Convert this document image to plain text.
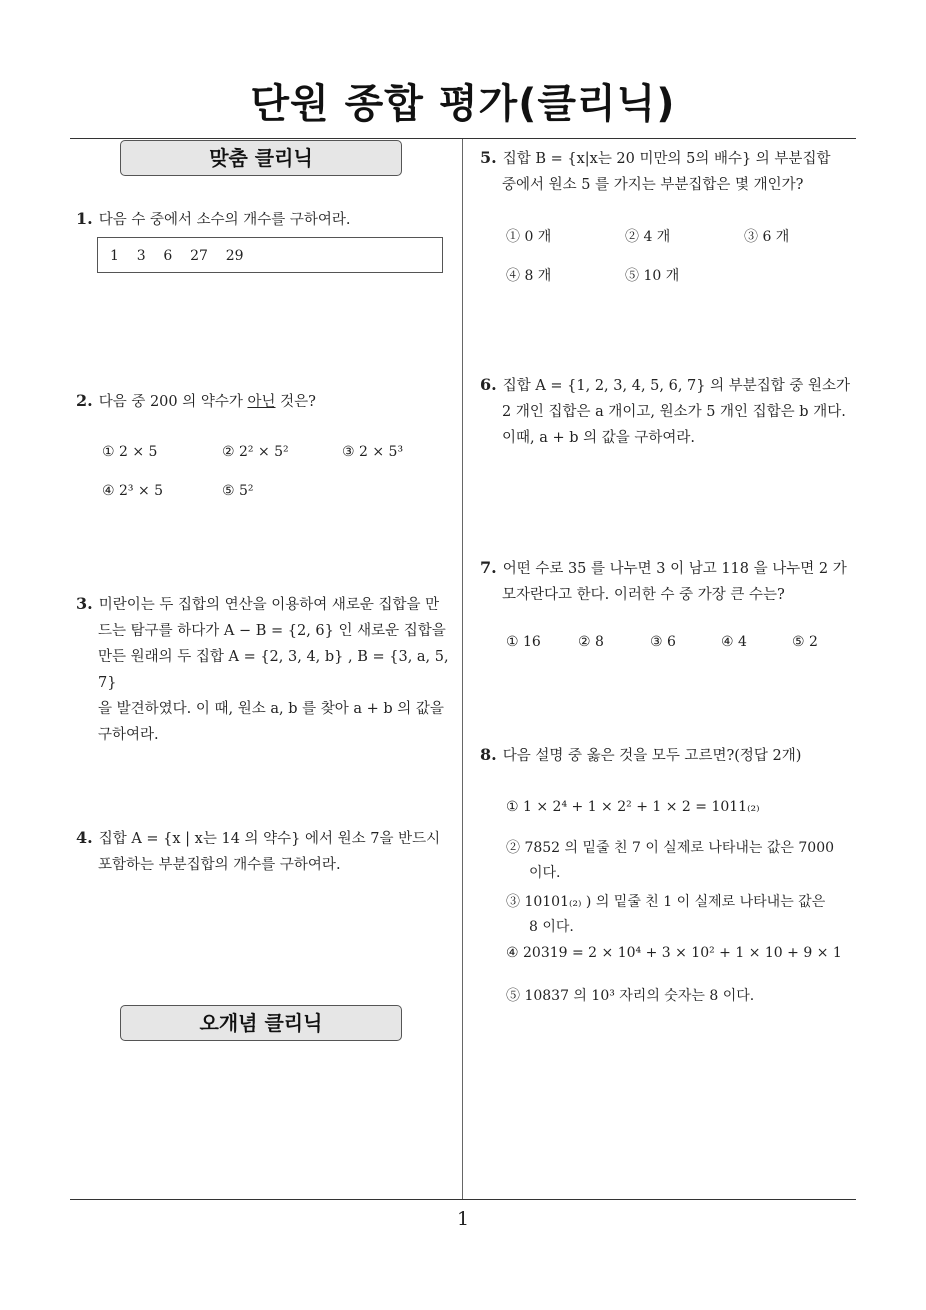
단원 종합 평가(클리닉)
맞춤 클리닉
1. 다음 수 중에서 소수의 개수를 구하여라.
1    3    6    27    29
2. 다음 중 200 의 약수가 아닌 것은?
① 2 × 5	② 2² × 5²	③ 2 × 5³
④ 2³ × 5	⑤ 5²
3. 미란이는 두 집합의 연산을 이용하여 새로운 집합을 만
드는 탐구를 하다가 A − B = {2, 6} 인 새로운 집합을
만든 원래의 두 집합 A = {2, 3, 4, b} , B = {3, a, 5, 7}
을 발견하였다. 이 때, 원소 a, b 를 찾아 a + b 의 값을
구하여라.
4. 집합 A = {x | x는 14 의 약수} 에서 원소 7을 반드시
포함하는 부분집합의 개수를 구하여라.
오개념 클리닉
5. 집합 B = {x|x는 20 미만의 5의 배수} 의 부분집합
중에서 원소 5 를 가지는 부분집합은 몇 개인가?
① 0 개	② 4 개	③ 6 개
④ 8 개	⑤ 10 개
6. 집합 A = {1, 2, 3, 4, 5, 6, 7} 의 부분집합 중 원소가
2 개인 집합은 a 개이고, 원소가 5 개인 집합은 b 개다.
이때, a + b 의 값을 구하여라.
7. 어떤 수로 35 를 나누면 3 이 남고 118 을 나누면 2 가
모자란다고 한다. 이러한 수 중 가장 큰 수는?
① 16	② 8	③ 6	④ 4	⑤ 2
8. 다음 설명 중 옳은 것을 모두 고르면?(정답 2개)
① 1 × 2⁴ + 1 × 2² + 1 × 2 = 1011₍₂₎
② 7852 의 밑줄 친 7 이 실제로 나타내는 값은 7000
이다.
③ 10101₍₂₎ ) 의 밑줄 친 1 이 실제로 나타내는 값은
8 이다.
④ 20319 = 2 × 10⁴ + 3 × 10² + 1 × 10 + 9 × 1
⑤ 10837 의 10³ 자리의 숫자는 8 이다.
1
